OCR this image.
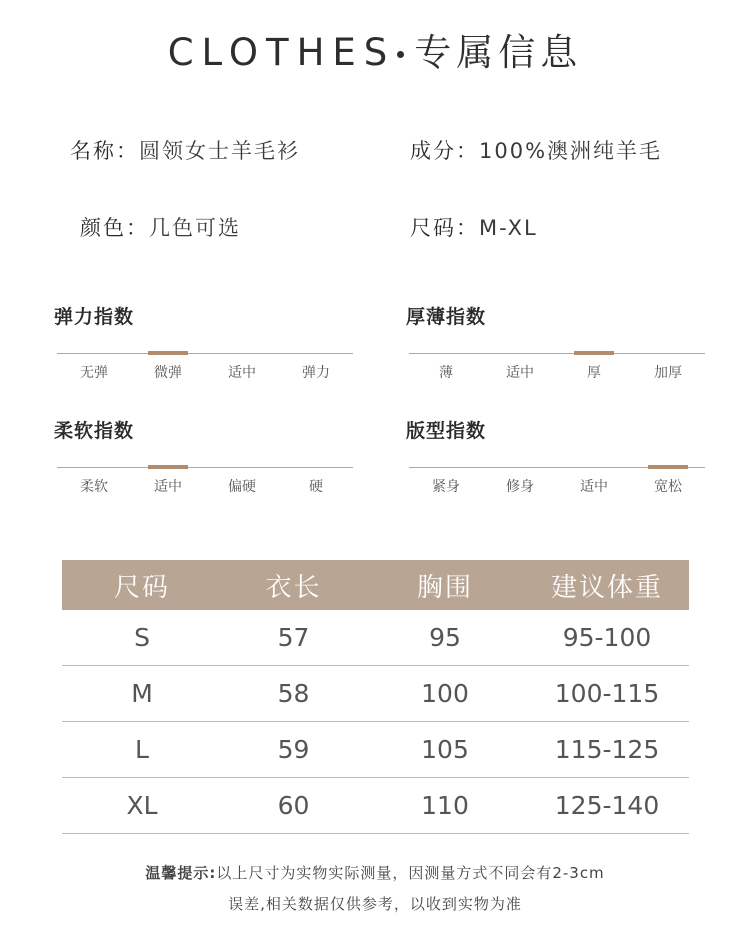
CLOTHES 专属信息
名称：圆领女士羊毛衫	成分：100%澳洲纯羊毛
颜色：几色可选	尺码：M-XL
弹力指数
无弹	微弹	适中	弹力
厚薄指数
薄	适中	厚	加厚
柔软指数
柔软	适中	偏硬	硬
版型指数
紧身	修身	适中	宽松
尺码	衣长	胸围	建议体重
S	57	95	95-100
M	58	100	100-115
L	59	105	115-125
XL	60	110	125-140
温馨提示:以上尺寸为实物实际测量，因测量方式不同会有2-3cm
误差,相关数据仅供参考，以收到实物为准
